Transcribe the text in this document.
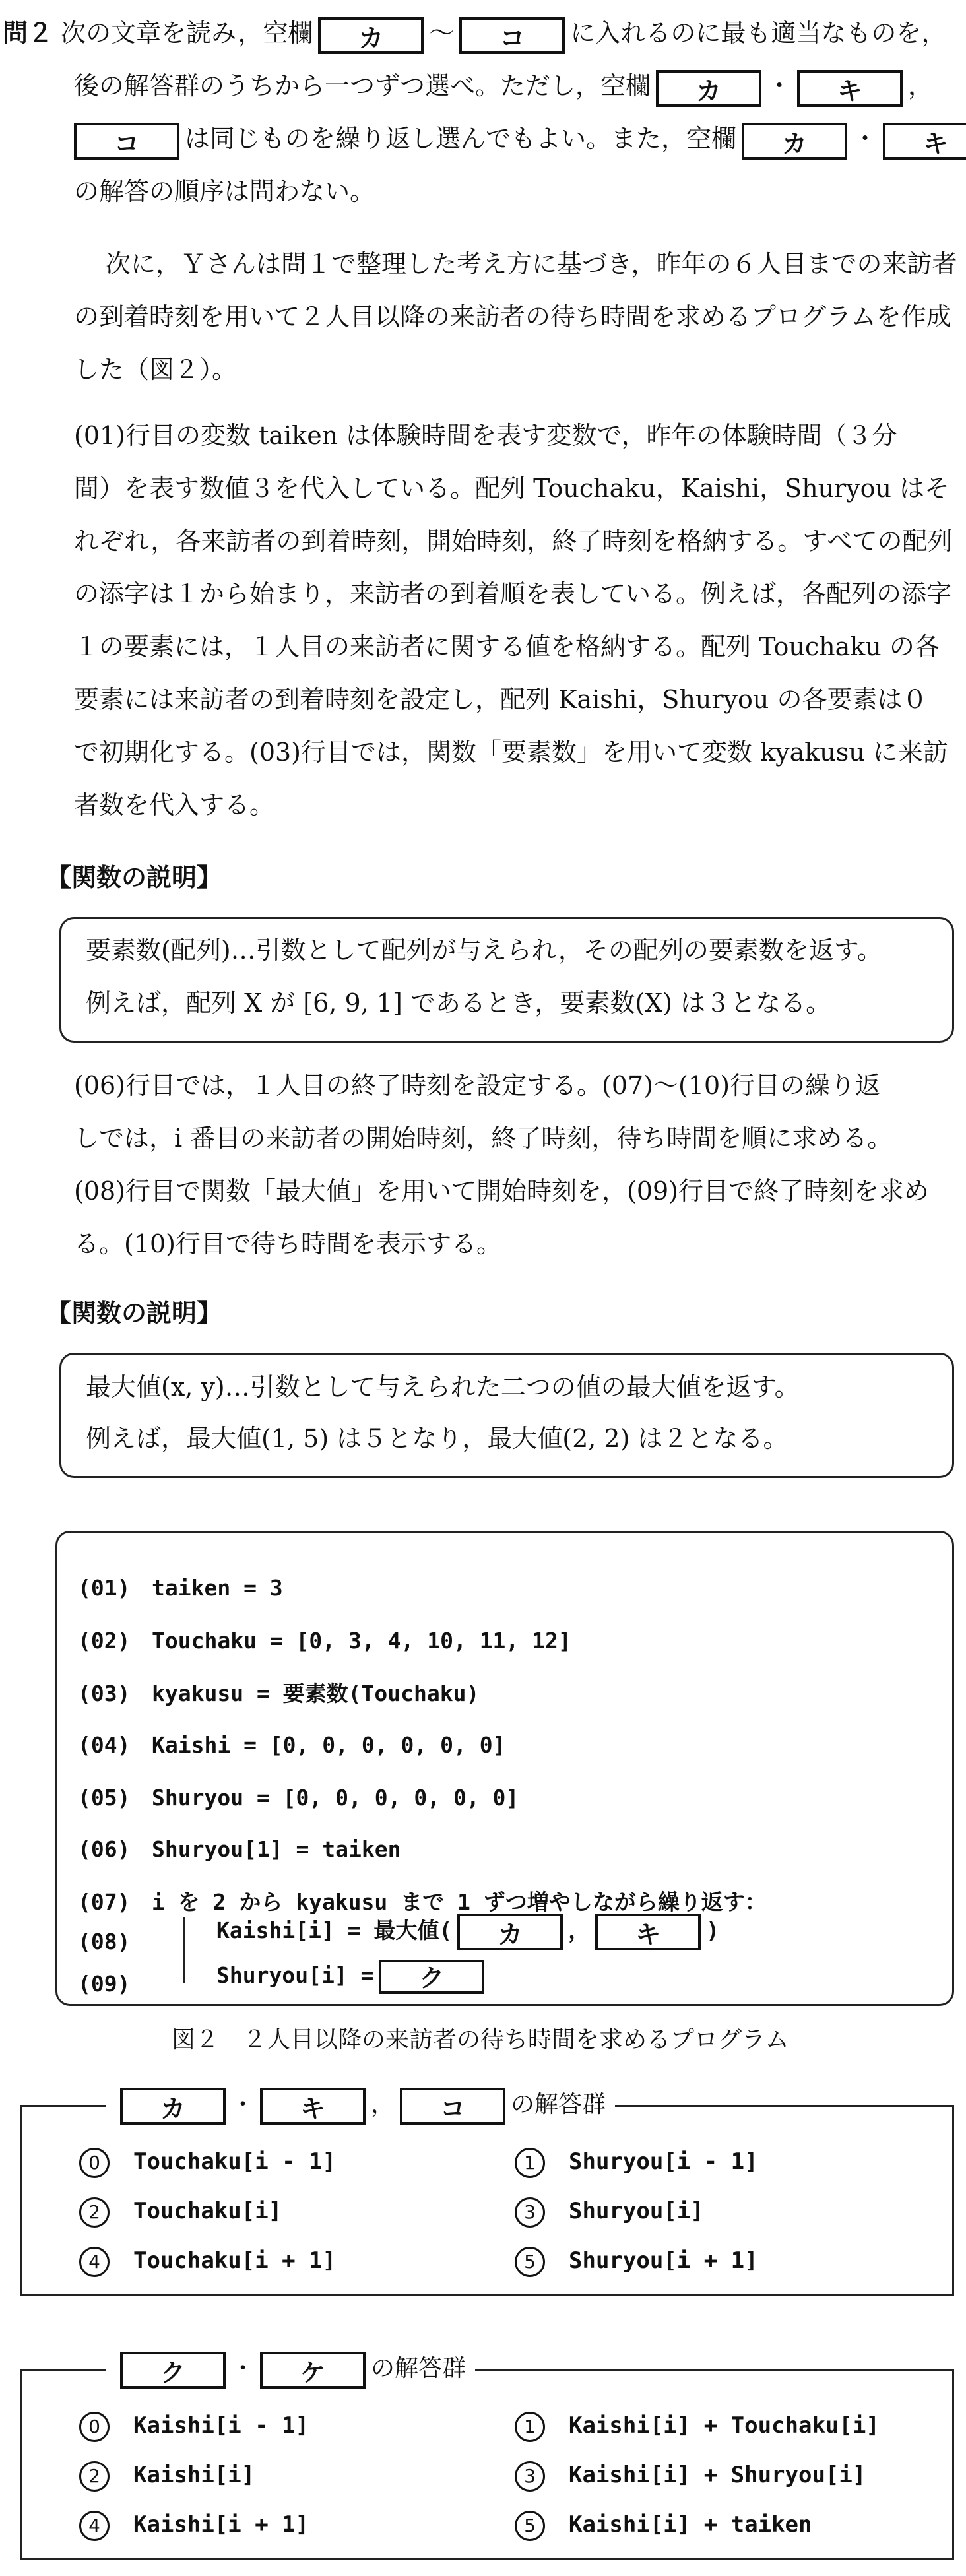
問２ 次の文章を読み，空欄 カ 〜 コ に入れるのに最も適当なものを，
後の解答群のうちから一つずつ選べ。ただし，空欄 カ ・ キ ，
コ は同じものを繰り返し選んでもよい。また，空欄 カ ・ キ
の解答の順序は問わない。
次に，Ｙさんは問１で整理した考え方に基づき，昨年の６人目までの来訪者
の到着時刻を用いて２人目以降の来訪者の待ち時間を求めるプログラムを作成
した（図２）。
(01)行目の変数 taiken は体験時間を表す変数で，昨年の体験時間（３分
間）を表す数値３を代入している。配列 Touchaku，Kaishi，Shuryou はそ
れぞれ，各来訪者の到着時刻，開始時刻，終了時刻を格納する。すべての配列
の添字は１から始まり，来訪者の到着順を表している。例えば，各配列の添字
１の要素には，１人目の来訪者に関する値を格納する。配列 Touchaku の各
要素には来訪者の到着時刻を設定し，配列 Kaishi，Shuryou の各要素は０
で初期化する。(03)行目では，関数「要素数」を用いて変数 kyakusu に来訪
者数を代入する。
【関数の説明】
要素数(配列)…引数として配列が与えられ，その配列の要素数を返す。
例えば，配列 X が [6, 9, 1] であるとき，要素数(X) は３となる。
(06)行目では，１人目の終了時刻を設定する。(07)〜(10)行目の繰り返
しでは，i 番目の来訪者の開始時刻，終了時刻，待ち時間を順に求める。
(08)行目で関数「最大値」を用いて開始時刻を，(09)行目で終了時刻を求め
る。(10)行目で待ち時間を表示する。
【関数の説明】
最大値(x, y)…引数として与えられた二つの値の最大値を返す。
例えば，最大値(1, 5) は５となり，最大値(2, 2) は２となる。
(01) taiken = 3
(02) Touchaku = [0, 3, 4, 10, 11, 12]
(03) kyakusu = 要素数(Touchaku)
(04) Kaishi = [0, 0, 0, 0, 0, 0]
(05) Shuryou = [0, 0, 0, 0, 0, 0]
(06) Shuryou[1] = taiken
(07) i を 2 から kyakusu まで 1 ずつ増やしながら繰り返す：
(08)	Kaishi[i] = 最大値( カ ， キ )
(09)	Shuryou[i] = ク
図２　２人目以降の来訪者の待ち時間を求めるプログラム
カ ・ キ ， コ の解答群
0 Touchaku[i - 1]	1 Shuryou[i - 1]
2 Touchaku[i]	3 Shuryou[i]
4 Touchaku[i + 1]	5 Shuryou[i + 1]
ク ・ ケ の解答群
0 Kaishi[i - 1]	1 Kaishi[i] + Touchaku[i]
2 Kaishi[i]	3 Kaishi[i] + Shuryou[i]
4 Kaishi[i + 1]	5 Kaishi[i] + taiken
